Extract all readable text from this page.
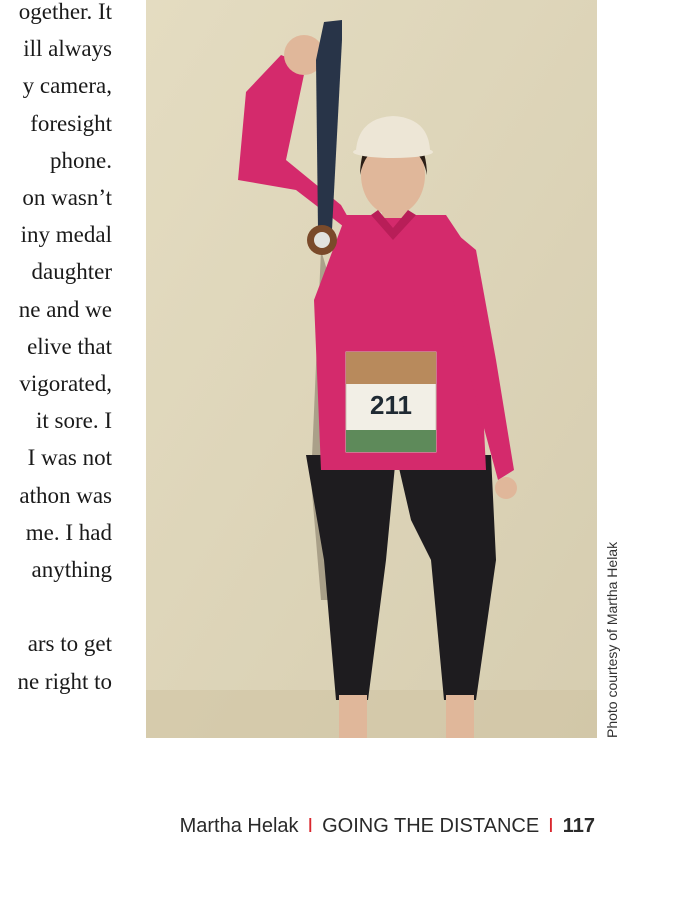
ogether. It
ill always
y camera,
foresight
phone.
on wasn’t
iny medal
daughter
ne and we
elive that
vigorated,
it sore. I
I was not
athon was
me. I had
anything
ars to get
ne right to
211
Photo courtesy of Martha Helak
Martha Helak I GOING THE DISTANCE I 117
